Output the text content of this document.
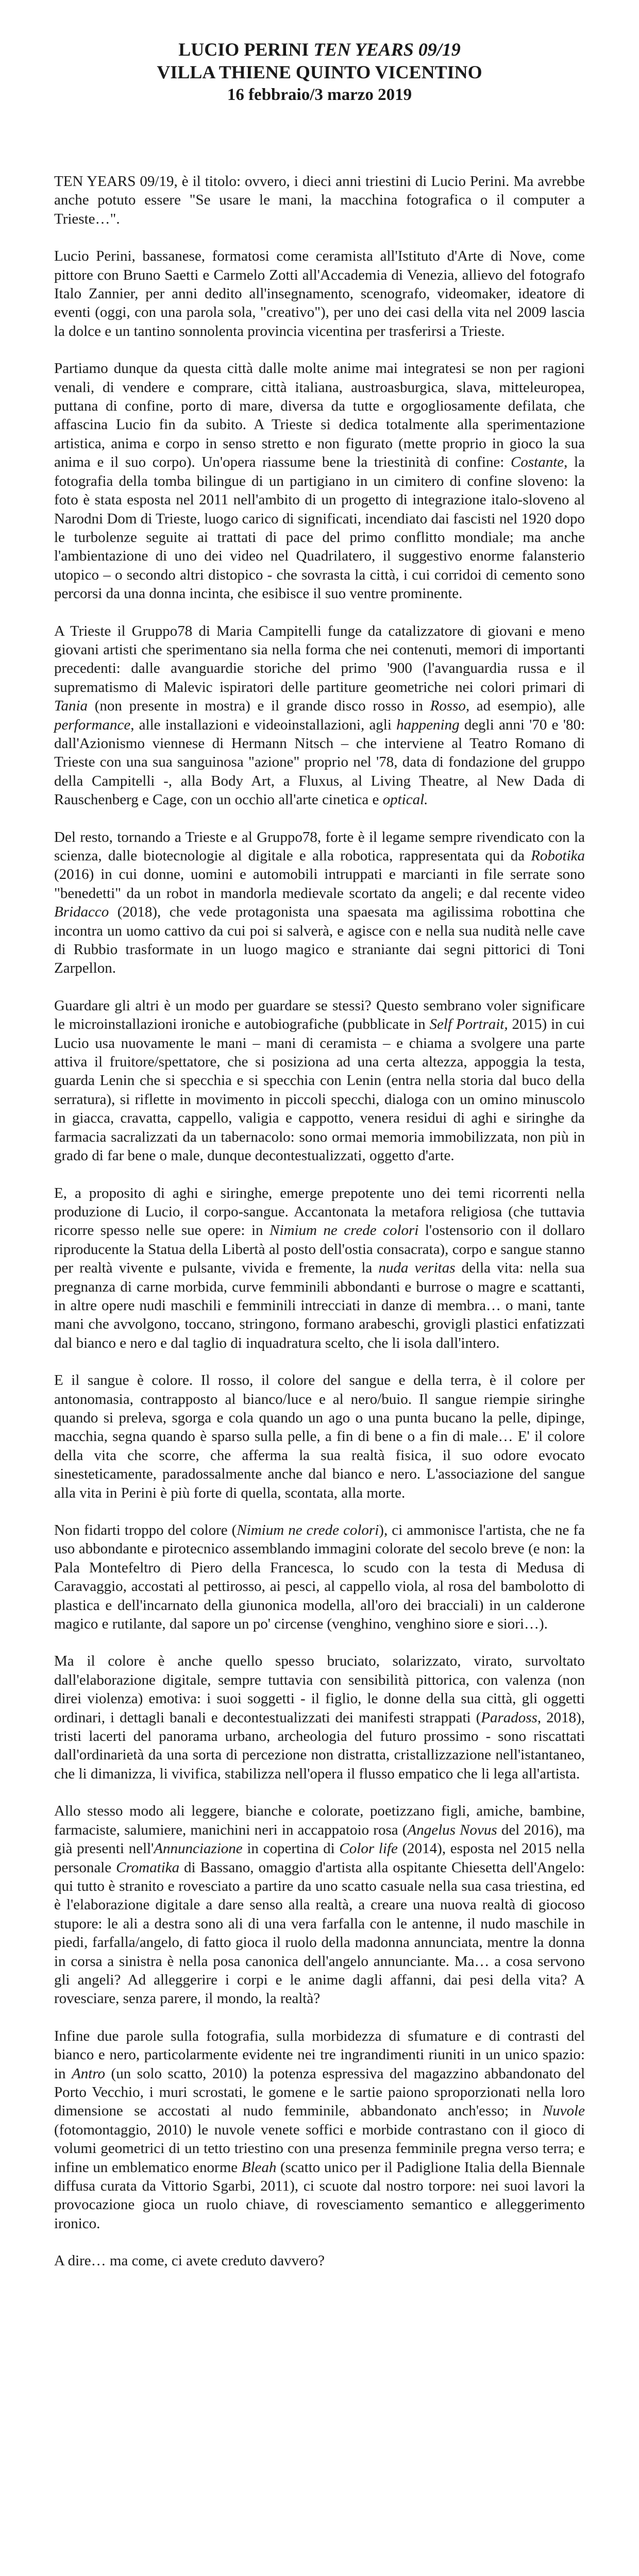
LUCIO PERINI TEN YEARS 09/19

VILLA THIENE QUINTO VICENTINO

16 febbraio/3 marzo 2019

TEN YEARS 09/19, è il titolo: ovvero, i dieci anni triestini di Lucio Perini. Ma avrebbe anche potuto essere "Se usare le mani, la macchina fotografica o il computer a Trieste…".

Lucio Perini, bassanese, formatosi come ceramista all'Istituto d'Arte di Nove, come pittore con Bruno Saetti e Carmelo Zotti all'Accademia di Venezia, allievo del fotografo Italo Zannier, per anni dedito all'insegnamento, scenografo, videomaker, ideatore di eventi (oggi, con una parola sola, "creativo"), per uno dei casi della vita nel 2009 lascia la dolce e un tantino sonnolenta provincia vicentina per trasferirsi a Trieste.

Partiamo dunque da questa città dalle molte anime mai integratesi se non per ragioni venali, di vendere e comprare, città italiana, austroasburgica, slava, mitteleuropea, puttana di confine, porto di mare, diversa da tutte e orgogliosamente defilata, che affascina Lucio fin da subito. A Trieste si dedica totalmente alla sperimentazione artistica, anima e corpo in senso stretto e non figurato (mette proprio in gioco la sua anima e il suo corpo). Un'opera riassume bene la triestinità di confine: Costante, la fotografia della tomba bilingue di un partigiano in un cimitero di confine sloveno: la foto è stata esposta nel 2011 nell'ambito di un progetto di integrazione italo-sloveno al Narodni Dom di Trieste, luogo carico di significati, incendiato dai fascisti nel 1920 dopo le turbolenze seguite ai trattati di pace del primo conflitto mondiale; ma anche l'ambientazione di uno dei video nel Quadrilatero, il suggestivo enorme falansterio utopico – o secondo altri distopico - che sovrasta la città, i cui corridoi di cemento sono percorsi da una donna incinta, che esibisce il suo ventre prominente.

A Trieste il Gruppo78 di Maria Campitelli funge da catalizzatore di giovani e meno giovani artisti che sperimentano sia nella forma che nei contenuti, memori di importanti precedenti: dalle avanguardie storiche del primo '900 (l'avanguardia russa e il suprematismo di Malevic ispiratori delle partiture geometriche nei colori primari di Tania (non presente in mostra) e il grande disco rosso in Rosso, ad esempio), alle performance, alle installazioni e videoinstallazioni, agli happening degli anni '70 e '80: dall'Azionismo viennese di Hermann Nitsch – che interviene al Teatro Romano di Trieste con una sua sanguinosa "azione" proprio nel '78, data di fondazione del gruppo della Campitelli -, alla Body Art, a Fluxus, al Living Theatre, al New Dada di Rauschenberg e Cage, con un occhio all'arte cinetica e optical.

Del resto, tornando a Trieste e al Gruppo78, forte è il legame sempre rivendicato con la scienza, dalle biotecnologie al digitale e alla robotica, rappresentata qui da Robotika (2016) in cui donne, uomini e automobili intruppati e marcianti in file serrate sono "benedetti" da un robot in mandorla medievale scortato da angeli; e dal recente video Bridacco (2018), che vede protagonista una spaesata ma agilissima robottina che incontra un uomo cattivo da cui poi si salverà, e agisce con e nella sua nudità nelle cave di Rubbio trasformate in un luogo magico e straniante dai segni pittorici di Toni Zarpellon.

Guardare gli altri è un modo per guardare se stessi? Questo sembrano voler significare le microinstallazioni ironiche e autobiografiche (pubblicate in Self Portrait, 2015) in cui Lucio usa nuovamente le mani – mani di ceramista – e chiama a svolgere una parte attiva il fruitore/spettatore, che si posiziona ad una certa altezza, appoggia la testa, guarda Lenin che si specchia e si specchia con Lenin (entra nella storia dal buco della serratura), si riflette in movimento in piccoli specchi, dialoga con un omino minuscolo in giacca, cravatta, cappello, valigia e cappotto, venera residui di aghi e siringhe da farmacia sacralizzati da un tabernacolo: sono ormai memoria immobilizzata, non più in grado di far bene o male, dunque decontestualizzati, oggetto d'arte.

E, a proposito di aghi e siringhe, emerge prepotente uno dei temi ricorrenti nella produzione di Lucio, il corpo-sangue. Accantonata la metafora religiosa (che tuttavia ricorre spesso nelle sue opere: in Nimium ne crede colori l'ostensorio con il dollaro riproducente la Statua della Libertà al posto dell'ostia consacrata), corpo e sangue stanno per realtà vivente e pulsante, vivida e fremente, la nuda veritas della vita: nella sua pregnanza di carne morbida, curve femminili abbondanti e burrose o magre e scattanti, in altre opere nudi maschili e femminili intrecciati in danze di membra… o mani, tante mani che avvolgono, toccano, stringono, formano arabeschi, grovigli plastici enfatizzati dal bianco e nero e dal taglio di inquadratura scelto, che li isola dall'intero.

E il sangue è colore. Il rosso, il colore del sangue e della terra, è il colore per antonomasia, contrapposto al bianco/luce e al nero/buio. Il sangue riempie siringhe quando si preleva, sgorga e cola quando un ago o una punta bucano la pelle, dipinge, macchia, segna quando è sparso sulla pelle, a fin di bene o a fin di male… E' il colore della vita che scorre, che afferma la sua realtà fisica, il suo odore evocato sinesteticamente, paradossalmente anche dal bianco e nero. L'associazione del sangue alla vita in Perini è più forte di quella, scontata, alla morte.

Non fidarti troppo del colore (Nimium ne crede colori), ci ammonisce l'artista, che ne fa uso abbondante e pirotecnico assemblando immagini colorate del secolo breve (e non: la Pala Montefeltro di Piero della Francesca, lo scudo con la testa di Medusa di Caravaggio, accostati al pettirosso, ai pesci, al cappello viola, al rosa del bambolotto di plastica e dell'incarnato della giunonica modella, all'oro dei bracciali) in un calderone magico e rutilante, dal sapore un po' circense (venghino, venghino siore e siori…).

Ma il colore è anche quello spesso bruciato, solarizzato, virato, survoltato dall'elaborazione digitale, sempre tuttavia con sensibilità pittorica, con valenza (non direi violenza) emotiva: i suoi soggetti - il figlio, le donne della sua città, gli oggetti ordinari, i dettagli banali e decontestualizzati dei manifesti strappati (Paradoss, 2018), tristi lacerti del panorama urbano, archeologia del futuro prossimo - sono riscattati dall'ordinarietà da una sorta di percezione non distratta, cristallizzazione nell'istantaneo, che li dimanizza, li vivifica, stabilizza nell'opera il flusso empatico che li lega all'artista.

Allo stesso modo ali leggere, bianche e colorate, poetizzano figli, amiche, bambine, farmaciste, salumiere, manichini neri in accappatoio rosa (Angelus Novus del 2016), ma già presenti nell'Annunciazione in copertina di Color life (2014), esposta nel 2015 nella personale Cromatika di Bassano, omaggio d'artista alla ospitante Chiesetta dell'Angelo: qui tutto è stranito e rovesciato a partire da uno scatto casuale nella sua casa triestina, ed è l'elaborazione digitale a dare senso alla realtà, a creare una nuova realtà di giocoso stupore: le ali a destra sono ali di una vera farfalla con le antenne, il nudo maschile in piedi, farfalla/angelo, di fatto gioca il ruolo della madonna annunciata, mentre la donna in corsa a sinistra è nella posa canonica dell'angelo annunciante. Ma… a cosa servono gli angeli? Ad alleggerire i corpi e le anime dagli affanni, dai pesi della vita? A rovesciare, senza parere, il mondo, la realtà?

Infine due parole sulla fotografia, sulla morbidezza di sfumature e di contrasti del bianco e nero, particolarmente evidente nei tre ingrandimenti riuniti in un unico spazio: in Antro (un solo scatto, 2010) la potenza espressiva del magazzino abbandonato del Porto Vecchio, i muri scrostati, le gomene e le sartie paiono sproporzionati nella loro dimensione se accostati al nudo femminile, abbandonato anch'esso; in Nuvole (fotomontaggio, 2010) le nuvole venete soffici e morbide contrastano con il gioco di volumi geometrici di un tetto triestino con una presenza femminile pregna verso terra; e infine un emblematico enorme Bleah (scatto unico per il Padiglione Italia della Biennale diffusa curata da Vittorio Sgarbi, 2011), ci scuote dal nostro torpore: nei suoi lavori la provocazione gioca un ruolo chiave, di rovesciamento semantico e alleggerimento ironico.

A dire… ma come, ci avete creduto davvero?
